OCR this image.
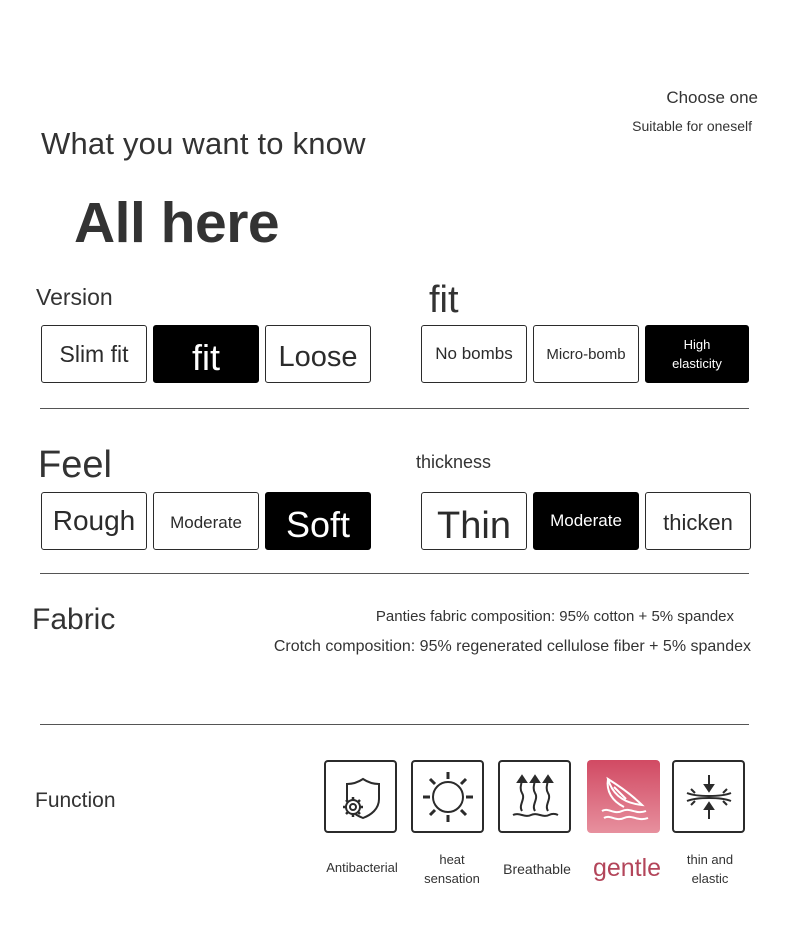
Choose one
Suitable for oneself
What you want to know
All here
Version
Slim fit	fit	Loose
fit
No bombs	Micro-bomb
High elasticity
Feel
Rough	Moderate	Soft
thickness
Thin	Moderate	thicken
Fabric	Panties fabric composition: 95% cotton + 5% spandex
Crotch composition: 95% regenerated cellulose fiber + 5% spandex
Function
Antibacterial
heat sensation
Breathable gentle	thin and elastic
